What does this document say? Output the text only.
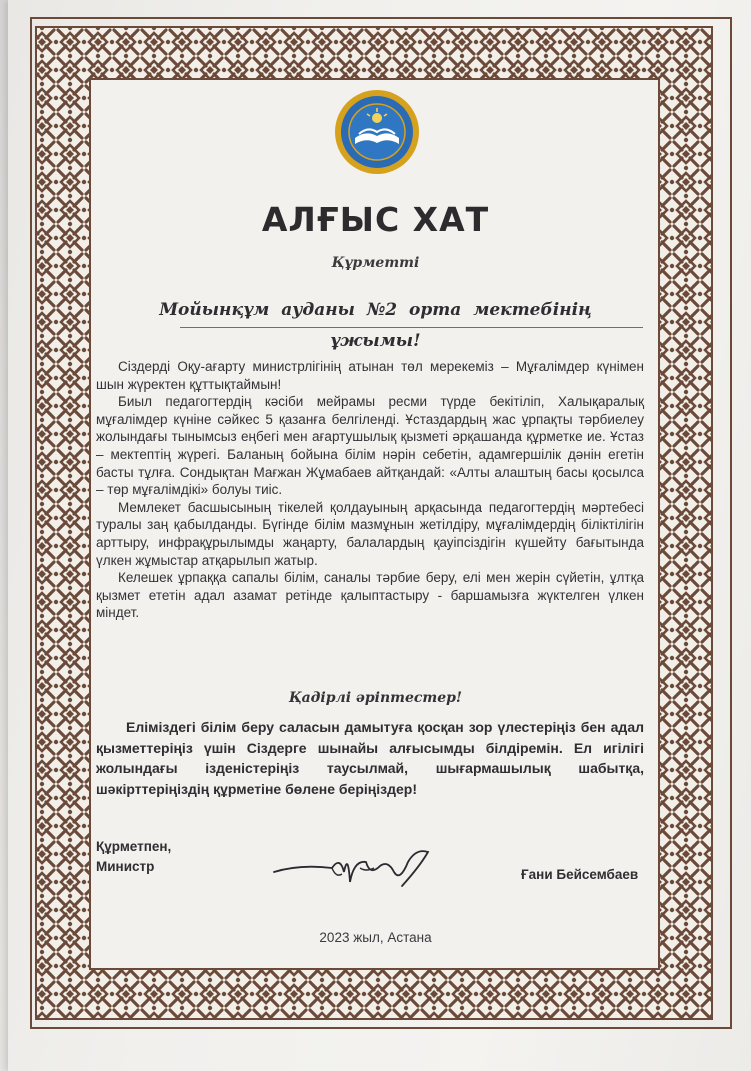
АЛҒЫС ХАТ
Құрметті
Мойынқұм ауданы №2 орта мектебінің
ұжымы!

Сіздерді Оқу-ағарту министрлігінің атынан төл мерекеміз – Мұғалімдер күнімен шын жүректен құттықтаймын!

Биыл педагогтердің кәсіби мейрамы ресми түрде бекітіліп, Халықаралық мұғалімдер күніне сәйкес 5 қазанға белгіленді. Ұстаздардың жас ұрпақты тәрбиелеу жолындағы тынымсыз еңбегі мен ағартушылық қызметі әрқашанда құрметке ие. Ұстаз – мектептің жүрегі. Баланың бойына білім нәрін себетін, адамгершілік дәнін егетін басты тұлға. Сондықтан Мағжан Жұмабаев айтқандай: «Алты алаштың басы қосылса – төр мұғалімдікі» болуы тиіс.

Мемлекет басшысының тікелей қолдауының арқасында педагогтердің мәртебесі туралы заң қабылданды. Бүгінде білім мазмұнын жетілдіру, мұғалімдердің біліктілігін арттыру, инфрақұрылымды жаңарту, балалардың қауіпсіздігін күшейту бағытында үлкен жұмыстар атқарылып жатыр.

Келешек ұрпаққа сапалы білім, саналы тәрбие беру, елі мен жерін сүйетін, ұлтқа қызмет ететін адал азамат ретінде қалыптастыру - баршамызға жүктелген үлкен міндет.

Қадірлі әріптестер!

Еліміздегі білім беру саласын дамытуға қосқан зор үлестеріңіз бен адал қызметтеріңіз үшін Сіздерге шынайы алғысымды білдіремін. Ел игілігі жолындағы ізденістеріңіз таусылмай, шығармашылық шабытқа, шәкірттеріңіздің құрметіне бөлене беріңіздер!

Құрметпен,
Министр
Ғани Бейсембаев
2023 жыл, Астана
